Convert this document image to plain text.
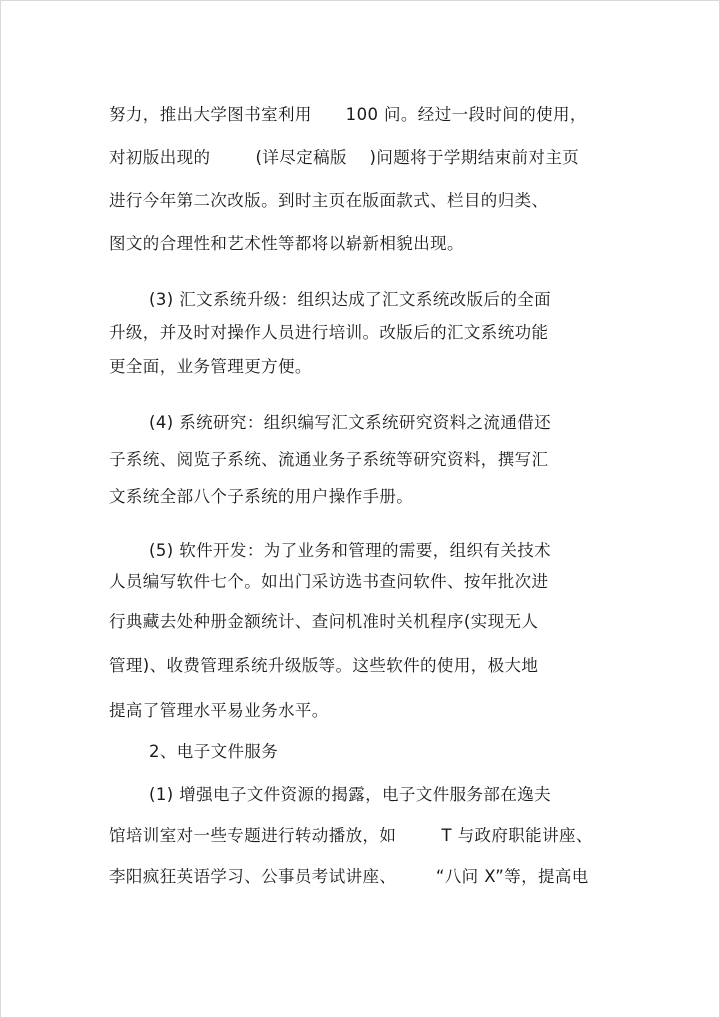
努力，推出大学图书室利用      100 问。经过一段时间的使用，
对初版出现的        (详尽定稿版    )问题将于学期结束前对主页
进行今年第二次改版。到时主页在版面款式、栏目的归类、
图文的合理性和艺术性等都将以崭新相貌出现。
(3) 汇文系统升级：组织达成了汇文系统改版后的全面
升级，并及时对操作人员进行培训。改版后的汇文系统功能
更全面，业务管理更方便。
(4) 系统研究：组织编写汇文系统研究资料之流通借还
子系统、阅览子系统、流通业务子系统等研究资料，撰写汇
文系统全部八个子系统的用户操作手册。
(5) 软件开发：为了业务和管理的需要，组织有关技术
人员编写软件七个。如出门采访选书查问软件、按年批次进
行典藏去处种册金额统计、查问机准时关机程序(实现无人
管理)、收费管理系统升级版等。这些软件的使用，极大地
提高了管理水平易业务水平。
2、电子文件服务
(1) 增强电子文件资源的揭露，电子文件服务部在逸夫
馆培训室对一些专题进行转动播放，如        T 与政府职能讲座、
李阳疯狂英语学习、公事员考试讲座、       “八问 X”等，提高电
